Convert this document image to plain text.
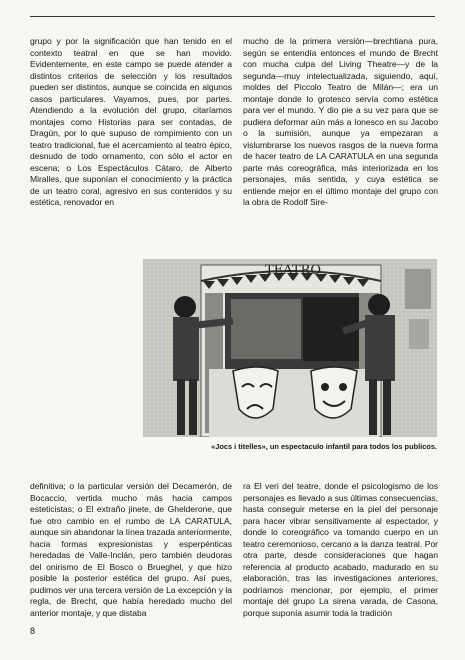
grupo y por la significación que han tenido en el contexto teatral en que se han movido. Evidentemente, en este campo se puede atender a distintos criterios de selección y los resultados pueden ser distintos, aunque se coincida en algunos casos particulares. Vayamos, pues, por partes. Atendiendo a la evolución del grupo, citaríamos montajes como Historias para ser contadas, de Dragún, por lo que supuso de rompimiento con un teatro tradicional, fue el acercamiento al teatro épico, desnudo de todo ornamento, con sólo el actor en escena; o Los Espectáculos Cátaro, de Alberto Miralles, que suponían el conocimiento y la práctica de un teatro coral, agresivo en sus contenidos y su estética, renovador en

mucho de la primera versión—brechtiana pura, según se entendía entonces el mundo de Brecht con mucha culpa del Living Theatre—y de la segunda—muy intelectualizada, siguiendo, aquí, moldes del Piccolo Teatro de Milán—; era un montaje donde lo grotesco servía como estética para ver el mundo. Y dio pie a su vez para que se pudiera deformar aún más a Ionesco en su Jacobo o la sumisión, aunque ya empezaran a vislumbrarse los nuevos rasgos de la nueva forma de hacer teatro de LA CARATULA en una segunda parte más coreográfica, más interiorizada en los personajes, más sentida, y cuya estética se entiende mejor en el último montaje del grupo con la obra de Rodolf Sire-

TEATRO
«Jocs i titelles», un espectaculo infantil para todos los publicos.

definitiva; o la particular versión del Decamerón, de Bocaccio, vertida mucho más hacia campos esteticistas; o El extraño jinete, de Ghelderone, que fue otro cambio en el rumbo de LA CARATULA, aunque sin abandonar la línea trazada anteriormente, hacia formas expresionistas y esperpénticas heredadas de Valle-Inclán, pero también deudoras del onirismo de El Bosco o Brueghel, y que hizo posible la posterior estética del grupo. Así pues, pudimos ver una tercera versión de La excepción y la regla, de Brecht, que había heredado mucho del anterior montaje, y que distaba

ra El veri del teatre, donde el psicologismo de los personajes es llevado a sus últimas consecuencias, hasta conseguir meterse en la piel del personaje para hacer vibrar sensitivamente al espectador, y donde lo coreográfico va tomando cuerpo en un teatro ceremonioso, cercano a la danza teatral. Por otra parte, desde consideraciones que hagan referencia al producto acabado, madurado en su elaboración, tras las investigaciones anteriores, podríamos mencionar, por ejemplo, el primer montaje del grupo La sirena varada, de Casona, porque suponía asumir toda la tradición

8
